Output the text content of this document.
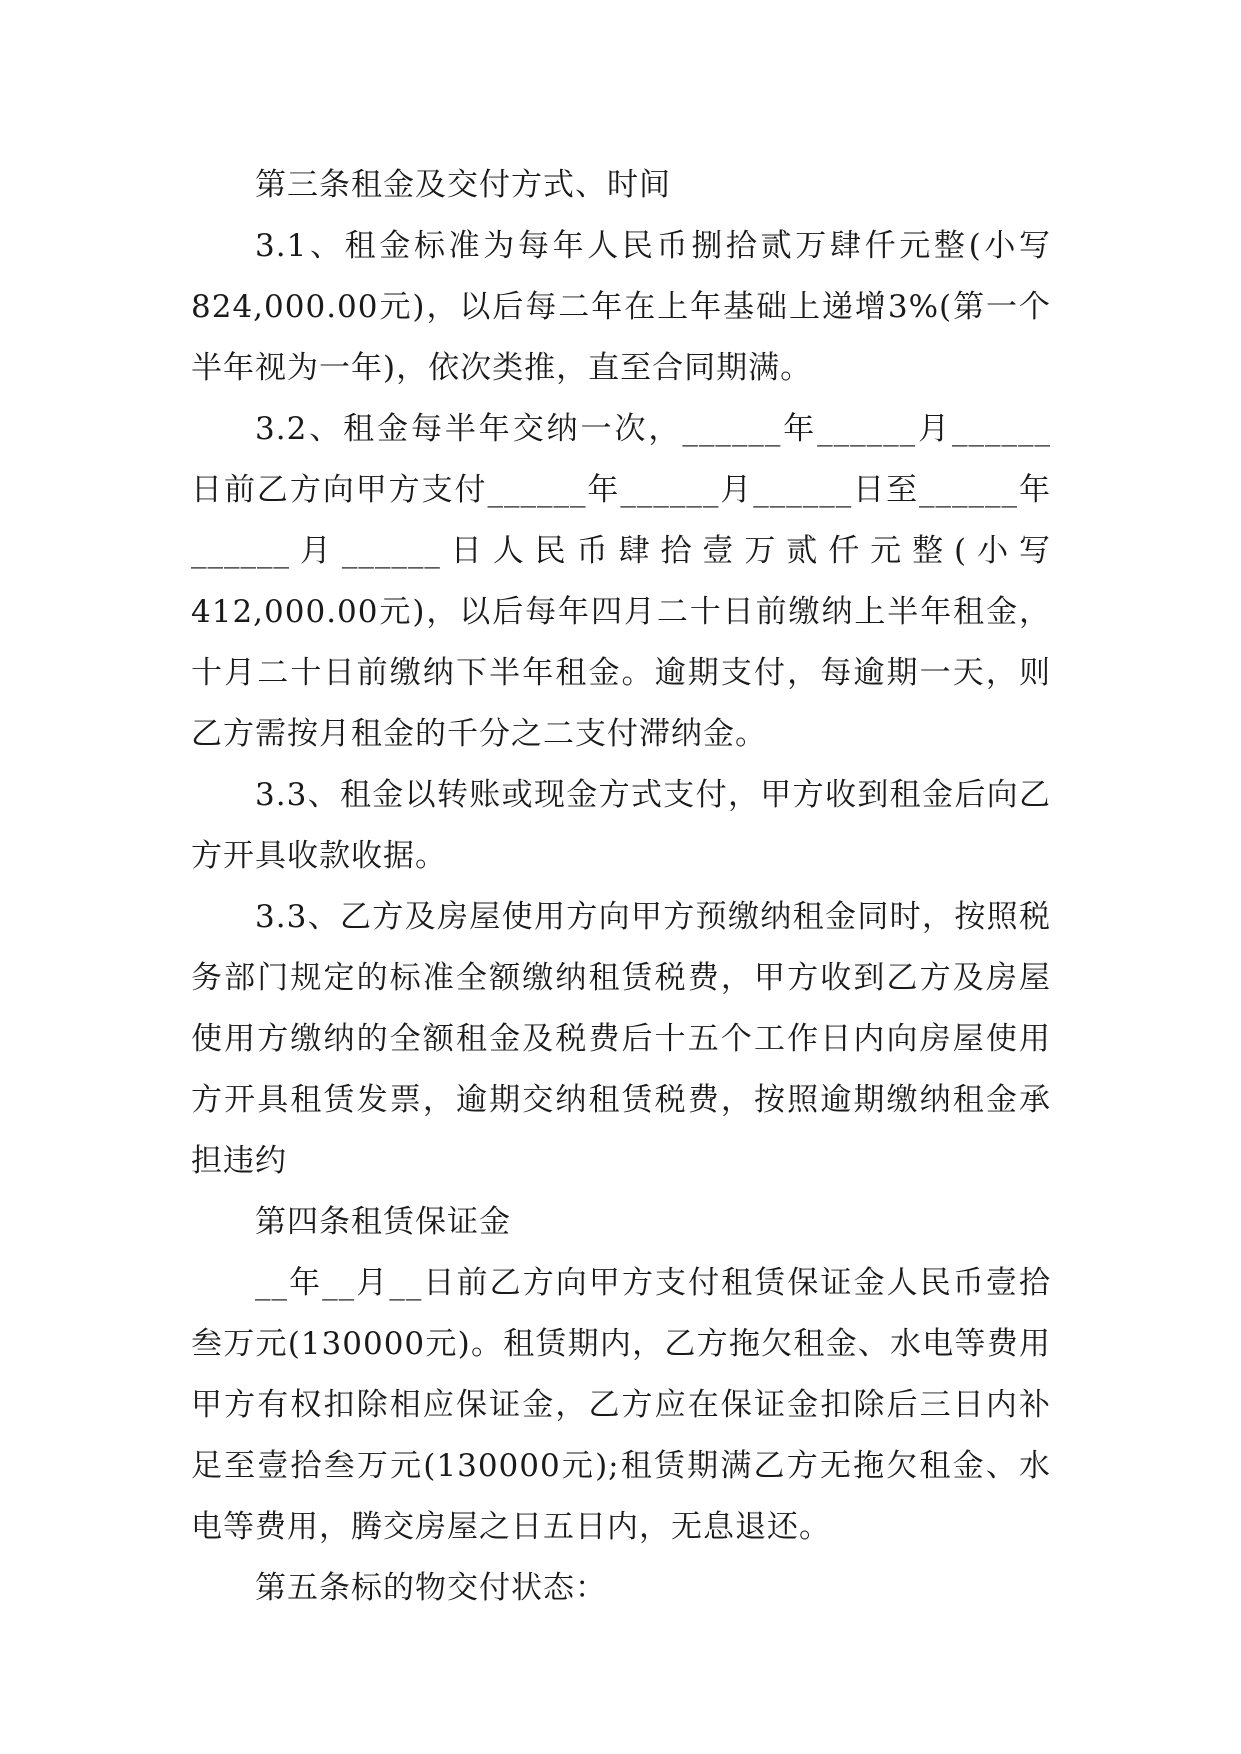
第三条租金及交付方式、时间

3.1、租金标准为每年人民币捌拾贰万肆仟元整(小写824,000.00元)，以后每二年在上年基础上递增3%(第一个半年视为一年)，依次类推，直至合同期满。

3.2、租金每半年交纳一次，______年______月______日前乙方向甲方支付______年______月______日至______年______月______日人民币肆拾壹万贰仟元整(小写412,000.00元)，以后每年四月二十日前缴纳上半年租金，十月二十日前缴纳下半年租金。逾期支付，每逾期一天，则乙方需按月租金的千分之二支付滞纳金。

3.3、租金以转账或现金方式支付，甲方收到租金后向乙方开具收款收据。

3.3、乙方及房屋使用方向甲方预缴纳租金同时，按照税务部门规定的标准全额缴纳租赁税费，甲方收到乙方及房屋使用方缴纳的全额租金及税费后十五个工作日内向房屋使用方开具租赁发票，逾期交纳租赁税费，按照逾期缴纳租金承担违约

第四条租赁保证金

__年__月__日前乙方向甲方支付租赁保证金人民币壹拾叁万元(130000元)。租赁期内，乙方拖欠租金、水电等费用甲方有权扣除相应保证金，乙方应在保证金扣除后三日内补足至壹拾叁万元(130000元);租赁期满乙方无拖欠租金、水电等费用，腾交房屋之日五日内，无息退还。

第五条标的物交付状态：
